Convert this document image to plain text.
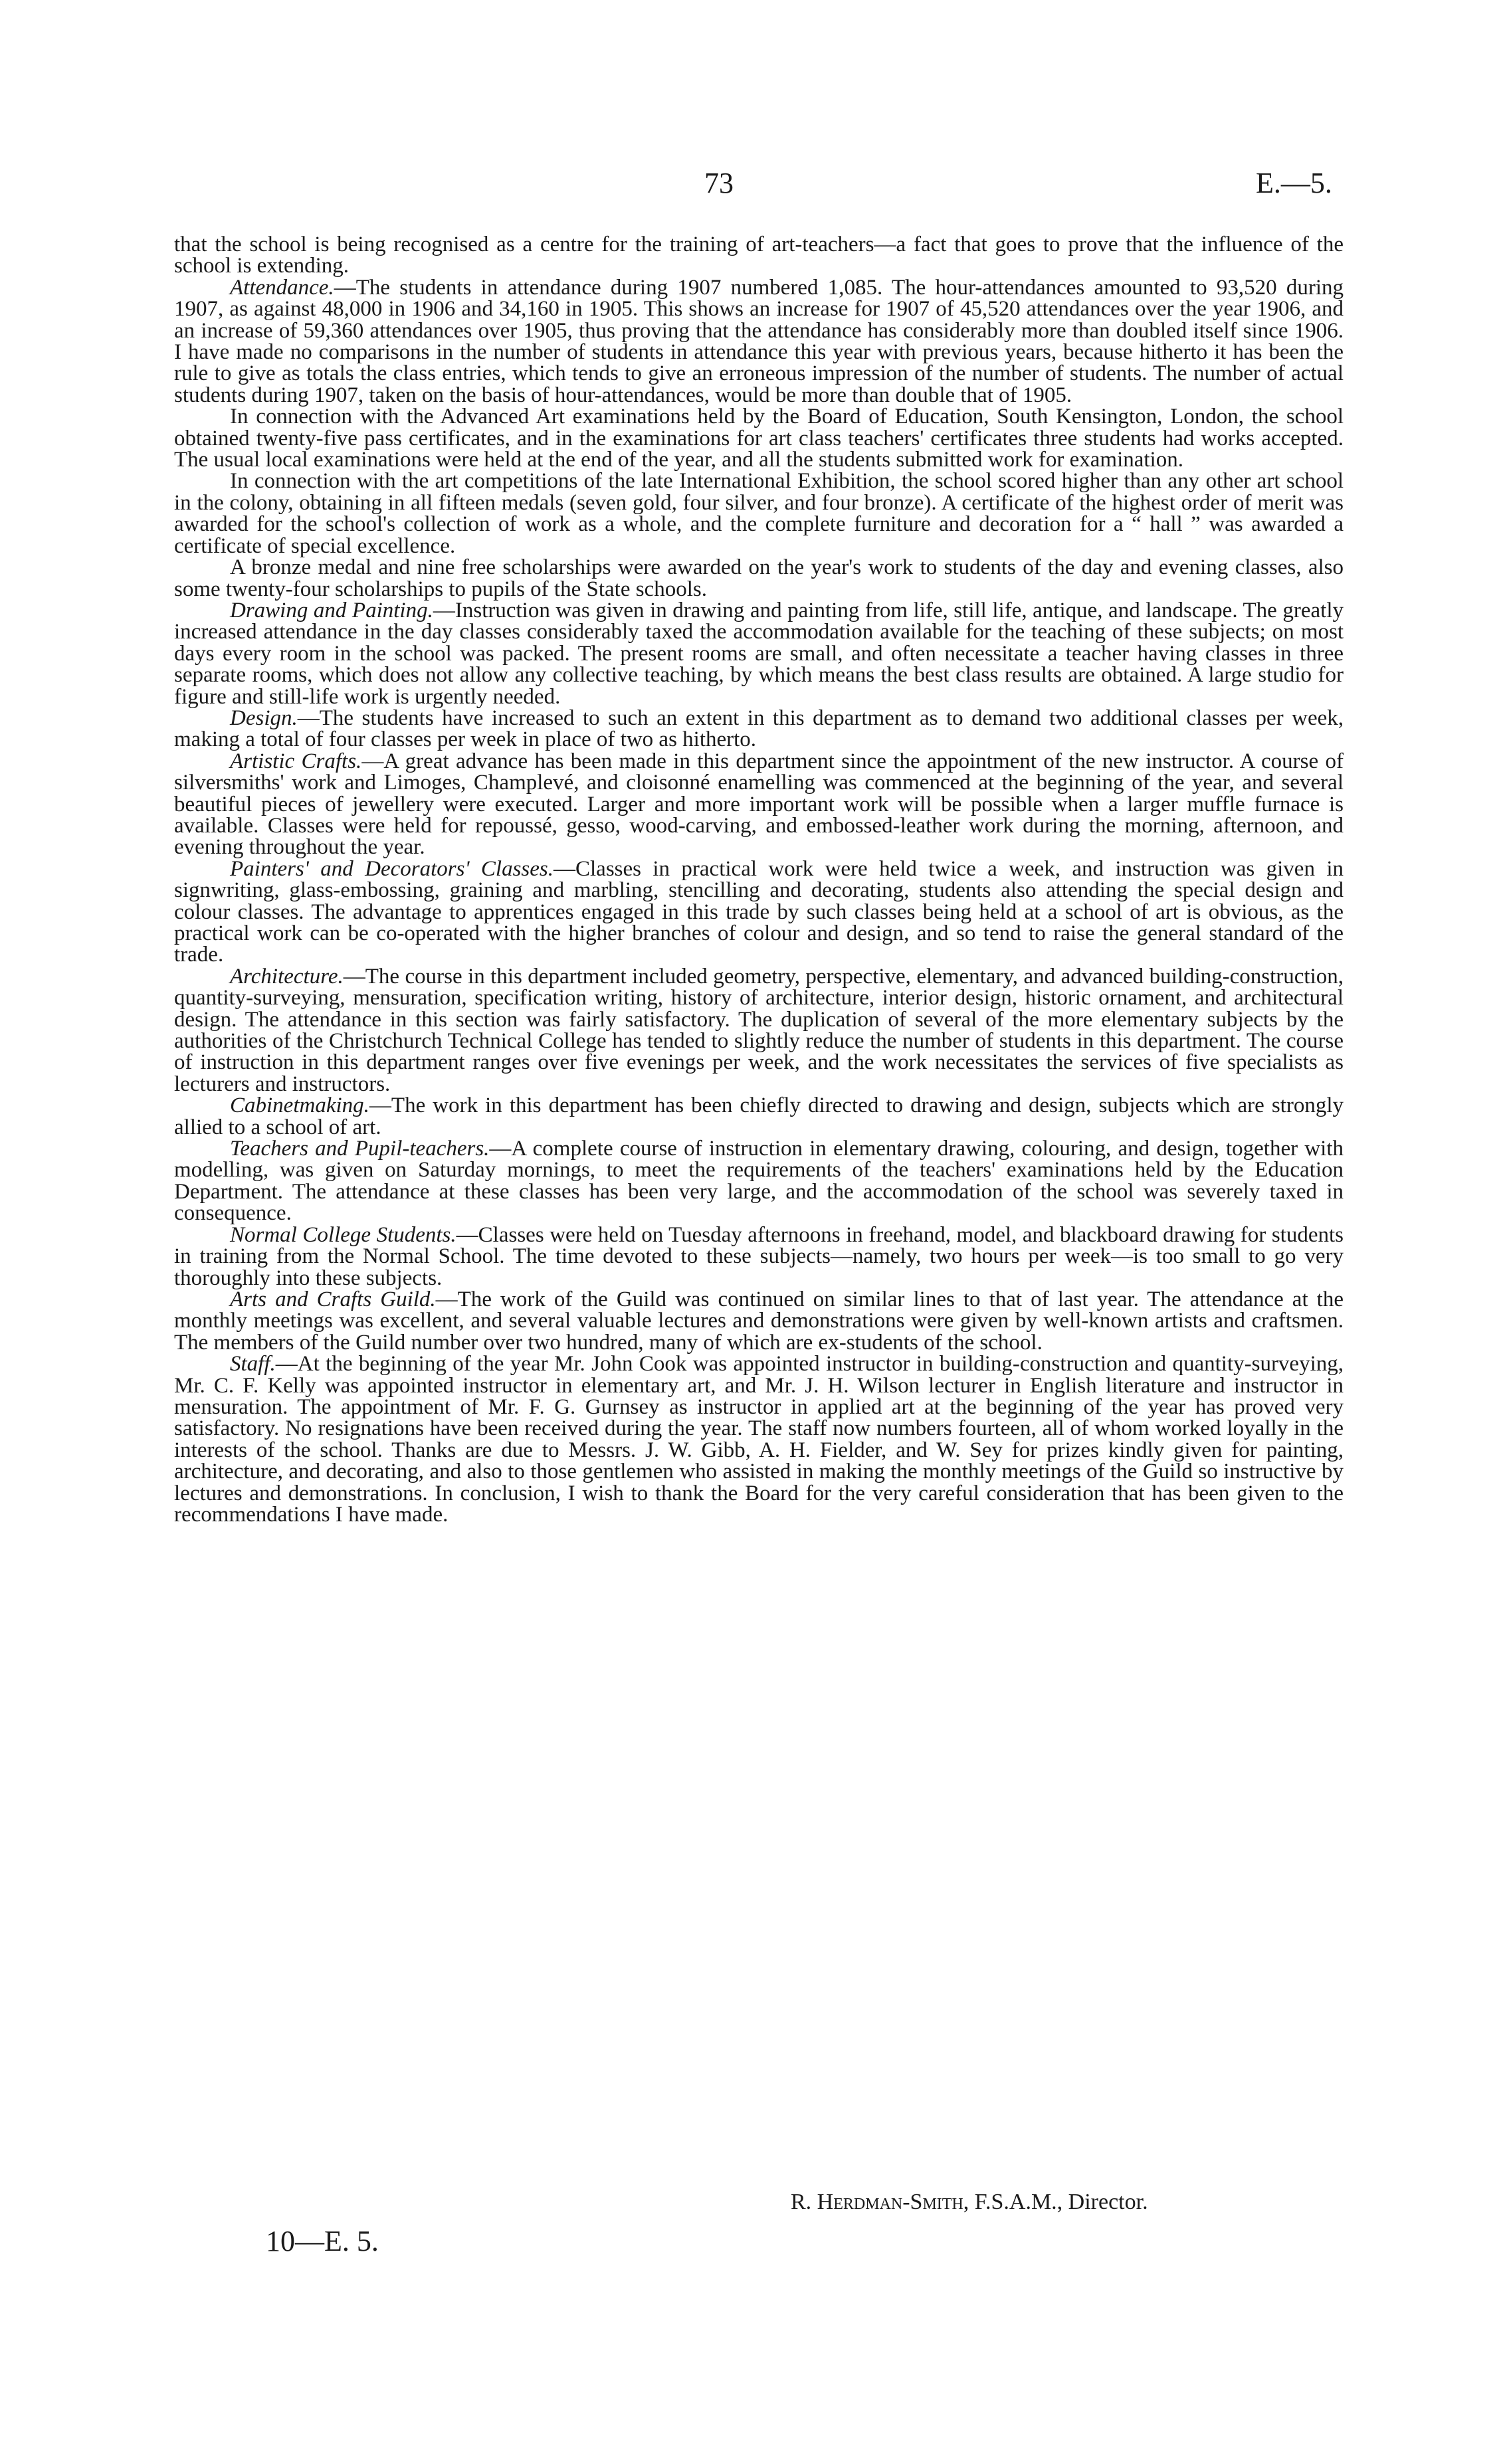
73	E.—5.

that the school is being recognised as a centre for the training of art-teachers—a fact that goes to prove that the influence of the school is extending.

Attendance.—The students in attendance during 1907 numbered 1,085. The hour-attendances amounted to 93,520 during 1907, as against 48,000 in 1906 and 34,160 in 1905. This shows an increase for 1907 of 45,520 attendances over the year 1906, and an increase of 59,360 attendances over 1905, thus proving that the attendance has considerably more than doubled itself since 1906. I have made no comparisons in the number of students in attendance this year with previous years, because hitherto it has been the rule to give as totals the class entries, which tends to give an erroneous impression of the number of students. The number of actual students during 1907, taken on the basis of hour-attendances, would be more than double that of 1905.

In connection with the Advanced Art examinations held by the Board of Education, South Kensington, London, the school obtained twenty-five pass certificates, and in the examinations for art class teachers' certificates three students had works accepted. The usual local examinations were held at the end of the year, and all the students submitted work for examination.

In connection with the art competitions of the late International Exhibition, the school scored higher than any other art school in the colony, obtaining in all fifteen medals (seven gold, four silver, and four bronze). A certificate of the highest order of merit was awarded for the school's collection of work as a whole, and the complete furniture and decoration for a “ hall ” was awarded a certificate of special excellence.

A bronze medal and nine free scholarships were awarded on the year's work to students of the day and evening classes, also some twenty-four scholarships to pupils of the State schools.

Drawing and Painting.—Instruction was given in drawing and painting from life, still life, antique, and landscape. The greatly increased attendance in the day classes considerably taxed the accommodation available for the teaching of these subjects; on most days every room in the school was packed. The present rooms are small, and often necessitate a teacher having classes in three separate rooms, which does not allow any collective teaching, by which means the best class results are obtained. A large studio for figure and still-life work is urgently needed.

Design.—The students have increased to such an extent in this department as to demand two additional classes per week, making a total of four classes per week in place of two as hitherto.

Artistic Crafts.—A great advance has been made in this department since the appointment of the new instructor. A course of silversmiths' work and Limoges, Champlevé, and cloisonné enamelling was commenced at the beginning of the year, and several beautiful pieces of jewellery were executed. Larger and more important work will be possible when a larger muffle furnace is available. Classes were held for repoussé, gesso, wood-carving, and embossed-leather work during the morning, afternoon, and evening throughout the year.

Painters' and Decorators' Classes.—Classes in practical work were held twice a week, and instruction was given in signwriting, glass-embossing, graining and marbling, stencilling and decorating, students also attending the special design and colour classes. The advantage to apprentices engaged in this trade by such classes being held at a school of art is obvious, as the practical work can be co-operated with the higher branches of colour and design, and so tend to raise the general standard of the trade.

Architecture.—The course in this department included geometry, perspective, elementary, and advanced building-construction, quantity-surveying, mensuration, specification writing, history of architecture, interior design, historic ornament, and architectural design. The attendance in this section was fairly satisfactory. The duplication of several of the more elementary subjects by the authorities of the Christchurch Technical College has tended to slightly reduce the number of students in this department. The course of instruction in this department ranges over five evenings per week, and the work necessitates the services of five specialists as lecturers and instructors.

Cabinetmaking.—The work in this department has been chiefly directed to drawing and design, subjects which are strongly allied to a school of art.

Teachers and Pupil-teachers.—A complete course of instruction in elementary drawing, colouring, and design, together with modelling, was given on Saturday mornings, to meet the requirements of the teachers' examinations held by the Education Department. The attendance at these classes has been very large, and the accommodation of the school was severely taxed in consequence.

Normal College Students.—Classes were held on Tuesday afternoons in freehand, model, and blackboard drawing for students in training from the Normal School. The time devoted to these subjects—namely, two hours per week—is too small to go very thoroughly into these subjects.

Arts and Crafts Guild.—The work of the Guild was continued on similar lines to that of last year. The attendance at the monthly meetings was excellent, and several valuable lectures and demonstrations were given by well-known artists and craftsmen. The members of the Guild number over two hundred, many of which are ex-students of the school.

Staff.—At the beginning of the year Mr. John Cook was appointed instructor in building-construction and quantity-surveying, Mr. C. F. Kelly was appointed instructor in elementary art, and Mr. J. H. Wilson lecturer in English literature and instructor in mensuration. The appointment of Mr. F. G. Gurnsey as instructor in applied art at the beginning of the year has proved very satisfactory. No resignations have been received during the year. The staff now numbers fourteen, all of whom worked loyally in the interests of the school. Thanks are due to Messrs. J. W. Gibb, A. H. Fielder, and W. Sey for prizes kindly given for painting, architecture, and decorating, and also to those gentlemen who assisted in making the monthly meetings of the Guild so instructive by lectures and demonstrations. In conclusion, I wish to thank the Board for the very careful consideration that has been given to the recommendations I have made.

R. Herdman-Smith, F.S.A.M., Director.
10—E. 5.
